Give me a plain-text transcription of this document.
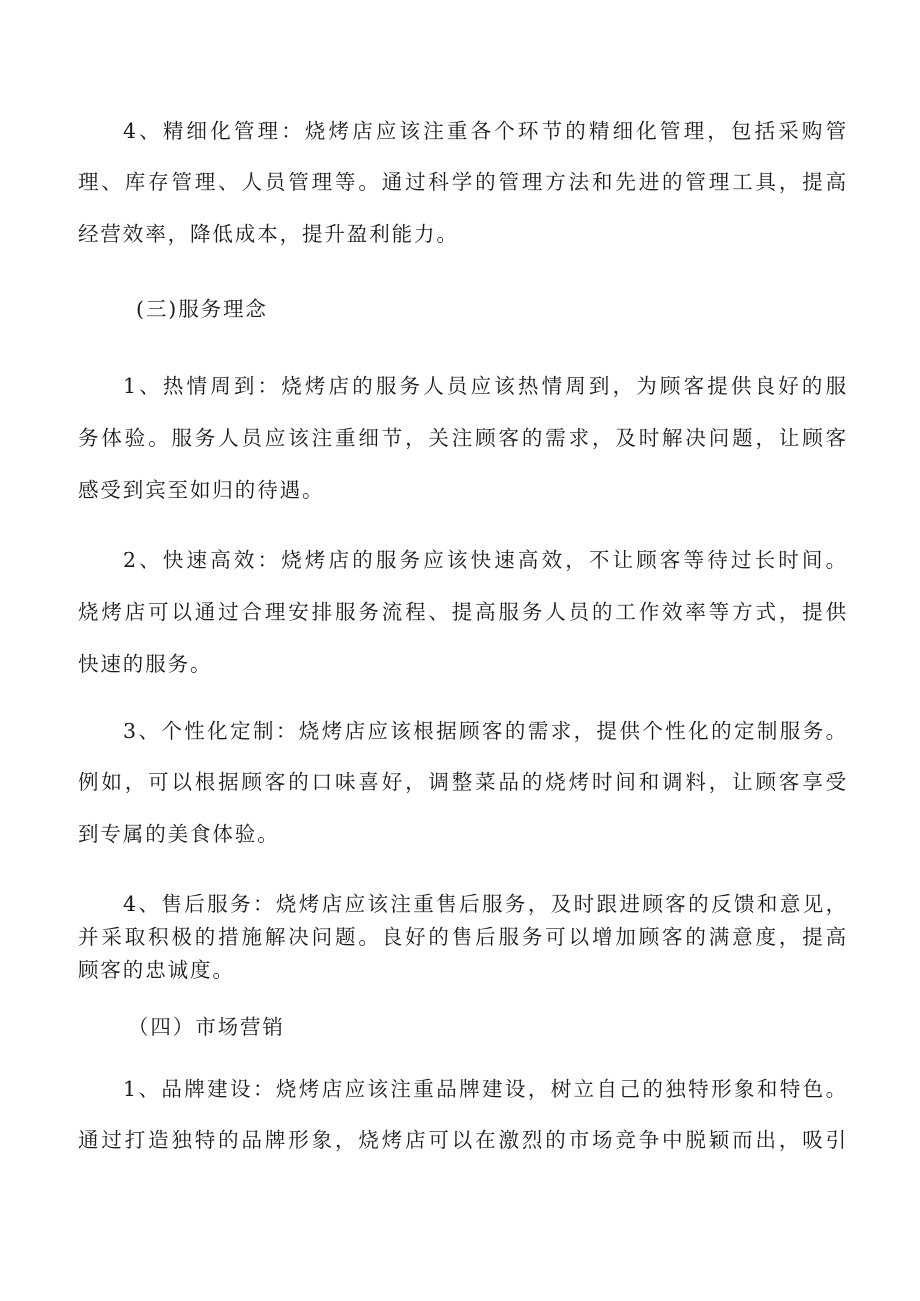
4、精细化管理：烧烤店应该注重各个环节的精细化管理，包括采购管
理、库存管理、人员管理等。通过科学的管理方法和先进的管理工具，提高
经营效率，降低成本，提升盈利能力。
(三)服务理念
1、热情周到：烧烤店的服务人员应该热情周到，为顾客提供良好的服
务体验。服务人员应该注重细节，关注顾客的需求，及时解决问题，让顾客
感受到宾至如归的待遇。
2、快速高效：烧烤店的服务应该快速高效，不让顾客等待过长时间。
烧烤店可以通过合理安排服务流程、提高服务人员的工作效率等方式，提供
快速的服务。
3、个性化定制：烧烤店应该根据顾客的需求，提供个性化的定制服务。
例如，可以根据顾客的口味喜好，调整菜品的烧烤时间和调料，让顾客享受
到专属的美食体验。
4、售后服务：烧烤店应该注重售后服务，及时跟进顾客的反馈和意见，
并采取积极的措施解决问题。良好的售后服务可以增加顾客的满意度，提高
顾客的忠诚度。
（四）市场营销
1、品牌建设：烧烤店应该注重品牌建设，树立自己的独特形象和特色。
通过打造独特的品牌形象，烧烤店可以在激烈的市场竞争中脱颖而出，吸引
